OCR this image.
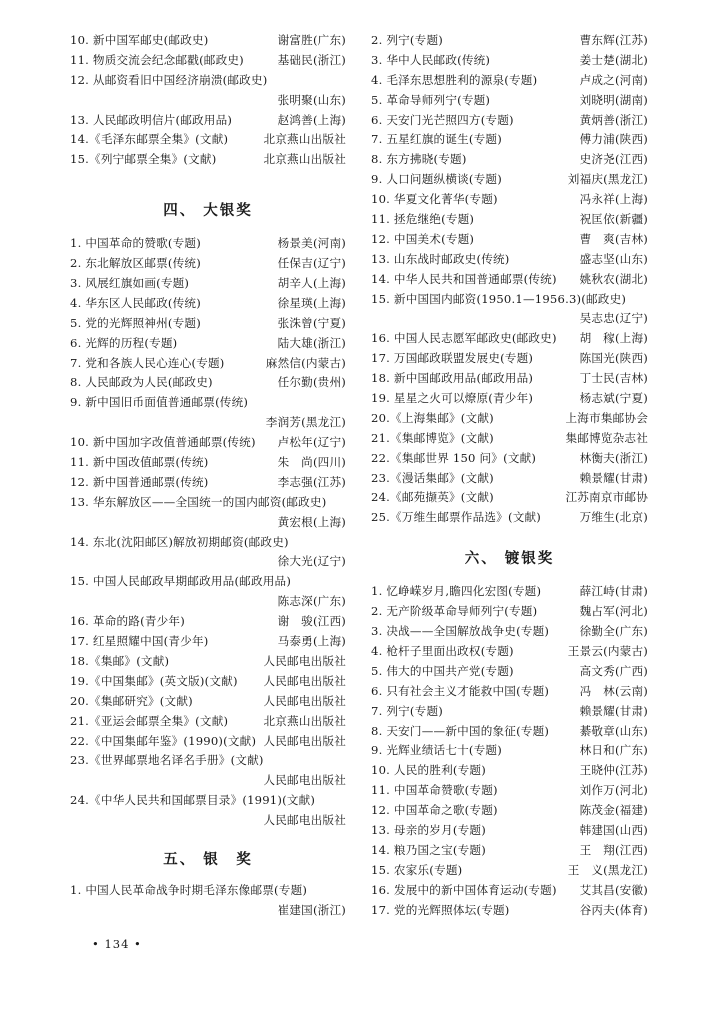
10. 新中国军邮史(邮政史)	谢富胜(广东)
11. 物质交流会纪念邮戳(邮政史)	基础民(浙江)
12. 从邮资看旧中国经济崩溃(邮政史)
张明聚(山东)
13. 人民邮政明信片(邮政用品)	赵鸿善(上海)
14.《毛泽东邮票全集》(文献)	北京燕山出版社
15.《列宁邮票全集》(文献)	北京燕山出版社
四、 大银奖
1. 中国革命的赞歌(专题)	杨景美(河南)
2. 东北解放区邮票(传统)	任保吉(辽宁)
3. 风展红旗如画(专题)	胡辛人(上海)
4. 华东区人民邮政(传统)	徐星瑛(上海)
5. 党的光辉照神州(专题)	张洙曾(宁夏)
6. 光辉的历程(专题)	陆大雄(浙江)
7. 党和各族人民心连心(专题)	麻然信(内蒙古)
8. 人民邮政为人民(邮政史)	任尔勤(贵州)
9. 新中国旧币面值普通邮票(传统)
李润芳(黑龙江)
10. 新中国加字改值普通邮票(传统) 卢松年(辽宁)
11. 新中国改值邮票(传统)	朱　尚(四川)
12. 新中国普通邮票(传统)	李志强(江苏)
13. 华东解放区——全国统一的国内邮资(邮政史)
黄宏根(上海)
14. 东北(沈阳邮区)解放初期邮资(邮政史)
徐大光(辽宁)
15. 中国人民邮政早期邮政用品(邮政用品)
陈志深(广东)
16. 革命的路(青少年)	谢　骏(江西)
17. 红星照耀中国(青少年)	马泰勇(上海)
18.《集邮》(文献)	人民邮电出版社
19.《中国集邮》(英文版)(文献) 人民邮电出版社
20.《集邮研究》(文献)	人民邮电出版社
21.《亚运会邮票全集》(文献)	北京燕山出版社
22.《中国集邮年鉴》(1990)(文献) 人民邮电出版社
23.《世界邮票地名译名手册》(文献)
人民邮电出版社
24.《中华人民共和国邮票目录》(1991)(文献)
人民邮电出版社
五、 银　奖
1. 中国人民革命战争时期毛泽东像邮票(专题)
崔建国(浙江)
2. 列宁(专题)	曹东辉(江苏)
3. 华中人民邮政(传统)	姜士楚(湖北)
4. 毛泽东思想胜利的源泉(专题)	卢成之(河南)
5. 革命导师列宁(专题)	刘晓明(湖南)
6. 天安门光芒照四方(专题)	黄炳善(浙江)
7. 五星红旗的诞生(专题)	傅力浦(陕西)
8. 东方拂晓(专题)	史济尧(江西)
9. 人口问题纵横谈(专题)	刘福庆(黑龙江)
10. 华夏文化菁华(专题)	冯永祥(上海)
11. 拯危继绝(专题)	祝匡依(新疆)
12. 中国美术(专题)	曹　爽(吉林)
13. 山东战时邮政史(传统)	盛志坚(山东)
14. 中华人民共和国普通邮票(传统) 姚秋农(湖北)
15. 新中国国内邮资(1950.1—1956.3)(邮政史)
吴志忠(辽宁)
16. 中国人民志愿军邮政史(邮政史) 胡　稼(上海)
17. 万国邮政联盟发展史(专题)	陈国光(陕西)
18. 新中国邮政用品(邮政用品)	丁士民(吉林)
19. 星星之火可以燎原(青少年)	杨志斌(宁夏)
20.《上海集邮》(文献)	上海市集邮协会
21.《集邮博览》(文献)	集邮博览杂志社
22.《集邮世界 150 问》(文献)	林衡夫(浙江)
23.《漫话集邮》(文献)	赖景耀(甘肃)
24.《邮苑撷英》(文献)	江苏南京市邮协
25.《万维生邮票作品选》(文献)	万维生(北京)
六、 镀银奖
1. 忆峥嵘岁月,瞻四化宏图(专题)	薛江峙(甘肃)
2. 无产阶级革命导师列宁(专题)	魏占军(河北)
3. 决战——全国解放战争史(专题)	徐勤全(广东)
4. 枪杆子里面出政权(专题)	王景云(内蒙古)
5. 伟大的中国共产党(专题)	高文秀(广西)
6. 只有社会主义才能救中国(专题)	冯　林(云南)
7. 列宁(专题)	赖景耀(甘肃)
8. 天安门——新中国的象征(专题)	綦敬章(山东)
9. 光辉业绩话七十(专题)	林日和(广东)
10. 人民的胜利(专题)	王晓仲(江苏)
11. 中国革命赞歌(专题)	刘作万(河北)
12. 中国革命之歌(专题)	陈茂金(福建)
13. 母亲的岁月(专题)	韩建国(山西)
14. 粮乃国之宝(专题)	王　翔(江西)
15. 农家乐(专题)	王　义(黑龙江)
16. 发展中的新中国体育运动(专题) 艾其昌(安徽)
17. 党的光辉照体坛(专题)	谷丙夫(体育)
• 134 •
